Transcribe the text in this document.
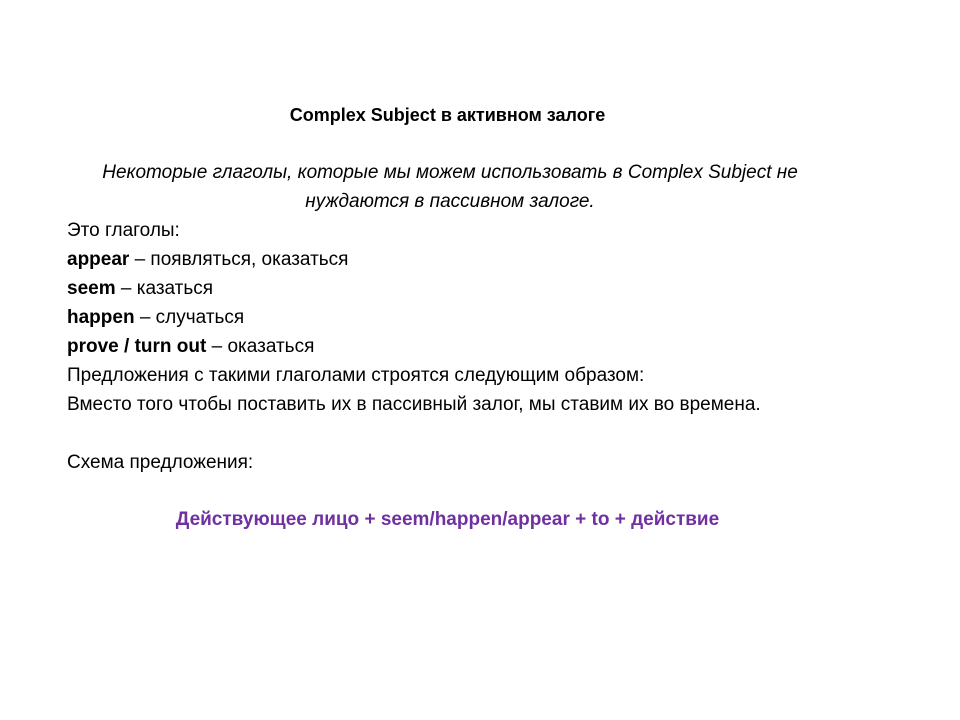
Complex Subject в активном залоге
Некоторые глаголы, которые мы можем использовать в Complex Subject не нуждаются в пассивном залоге.
Это глаголы:
appear – появляться, оказаться
seem – казаться
happen – случаться
prove / turn out – оказаться
Предложения с такими глаголами строятся следующим образом:
Вместо того чтобы поставить их в пассивный залог, мы ставим их во времена.
Схема предложения:
Действующее лицо + seem/happen/appear + to + действие
